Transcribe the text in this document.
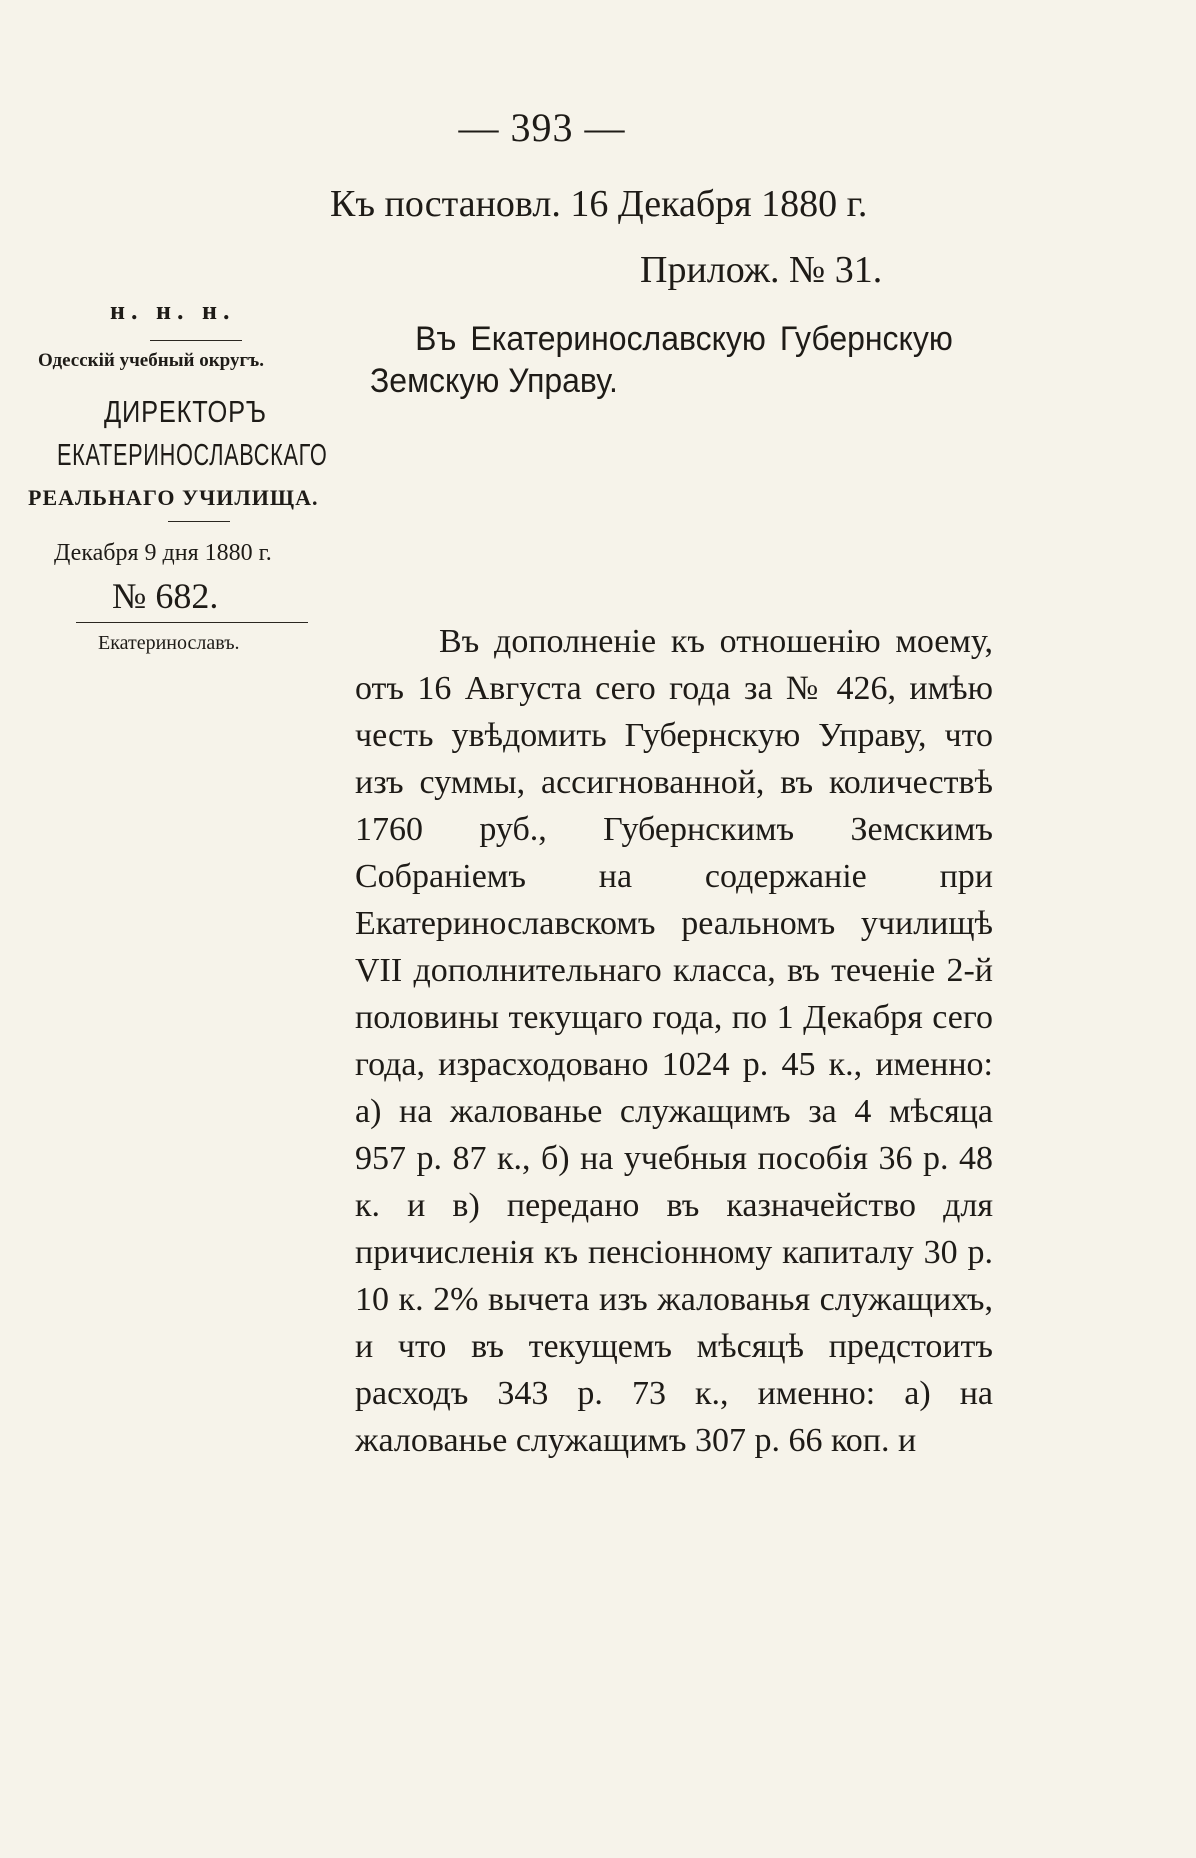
— 393 —
Къ постановл. 16 Декабря 1880 г.
Прилож. № 31.
н. н. н.
Одесскій учебный округъ.
ДИРЕКТОРЪ
ЕКАТЕРИНОСЛАВСКАГО
РЕАЛЬНАГО УЧИЛИЩА.
Декабря 9 дня 1880 г.
№ 682.
Екатеринославъ.
Въ Екатеринославскую Губернскую
Земскую Управу.
Въ дополненіе къ отношенію моему, отъ 16 Августа сего года за № 426, имѣю честь увѣдомить Губернскую Управу, что изъ суммы, ассигнованной, въ количествѣ 1760 руб., Губернскимъ Земскимъ Собраніемъ на содержаніе при Екатеринославскомъ реальномъ училищѣ VII дополнительнаго класса, въ теченіе 2-й половины текущаго года, по 1 Декабря сего года, израсходовано 1024 р. 45 к., именно: а) на жалованье служащимъ за 4 мѣсяца 957 р. 87 к., б) на учебныя пособія 36 р. 48 к. и в) передано въ казначейство для причисленія къ пенсіонному капиталу 30 р. 10 к. 2% вычета изъ жалованья служащихъ, и что въ текущемъ мѣсяцѣ предстоитъ расходъ 343 р. 73 к., именно: а) на жалованье служащимъ 307 р. 66 коп. и
